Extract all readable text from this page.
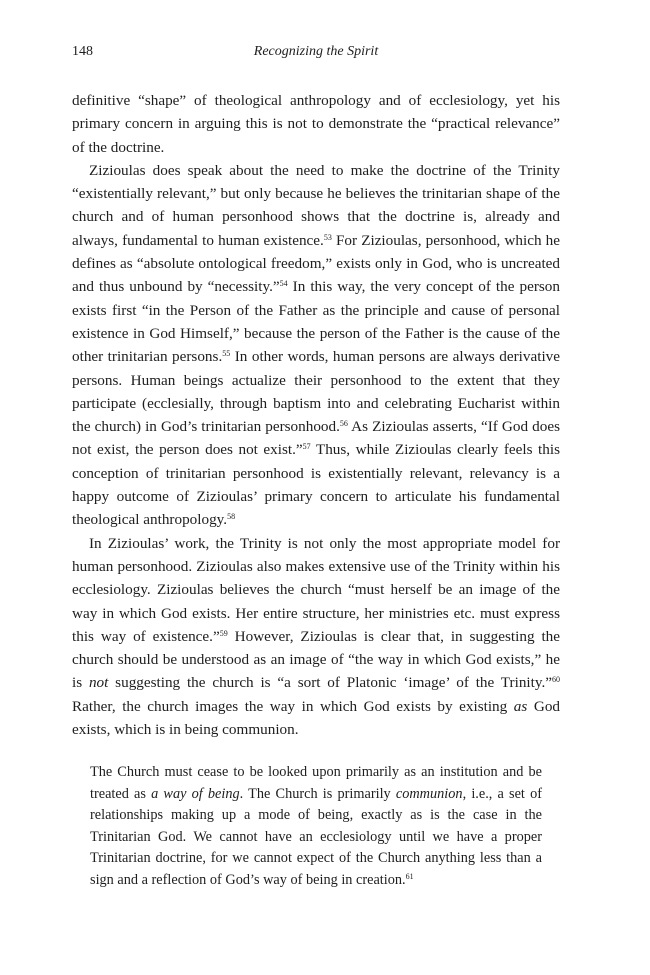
148	Recognizing the Spirit

definitive “shape” of theological anthropology and of ecclesiology, yet his primary concern in arguing this is not to demonstrate the “practical relevance” of the doctrine.

Zizioulas does speak about the need to make the doctrine of the Trinity “existentially relevant,” but only because he believes the trinitarian shape of the church and of human personhood shows that the doctrine is, already and always, fundamental to human existence.$^{53}$ For Zizioulas, personhood, which he defines as “absolute ontological freedom,” exists only in God, who is uncreated and thus unbound by “necessity.”$^{54}$ In this way, the very concept of the person exists first “in the Person of the Father as the principle and cause of personal existence in God Himself,” because the person of the Father is the cause of the other trinitarian persons.$^{55}$ In other words, human persons are always derivative persons. Human beings actualize their personhood to the extent that they participate (ecclesially, through baptism into and celebrating Eucharist within the church) in God’s trinitarian personhood.$^{56}$ As Zizioulas asserts, “If God does not exist, the person does not exist.”$^{57}$ Thus, while Zizioulas clearly feels this conception of trinitarian personhood is existentially relevant, relevancy is a happy outcome of Zizioulas’ primary concern to articulate his fundamental theological anthropology.$^{58}$

In Zizioulas’ work, the Trinity is not only the most appropriate model for human personhood. Zizioulas also makes extensive use of the Trinity within his ecclesiology. Zizioulas believes the church “must herself be an image of the way in which God exists. Her entire structure, her ministries etc. must express this way of existence.”$^{59}$ However, Zizioulas is clear that, in suggesting the church should be understood as an image of “the way in which God exists,” he is not suggesting the church is “a sort of Platonic ‘image’ of the Trinity.”$^{60}$ Rather, the church images the way in which God exists by existing as God exists, which is in being communion.

The Church must cease to be looked upon primarily as an institution and be treated as a way of being. The Church is primarily communion, i.e., a set of relationships making up a mode of being, exactly as is the case in the Trinitarian God. We cannot have an ecclesiology until we have a proper Trinitarian doctrine, for we cannot expect of the Church anything less than a sign and a reflection of God’s way of being in creation.$^{61}$
